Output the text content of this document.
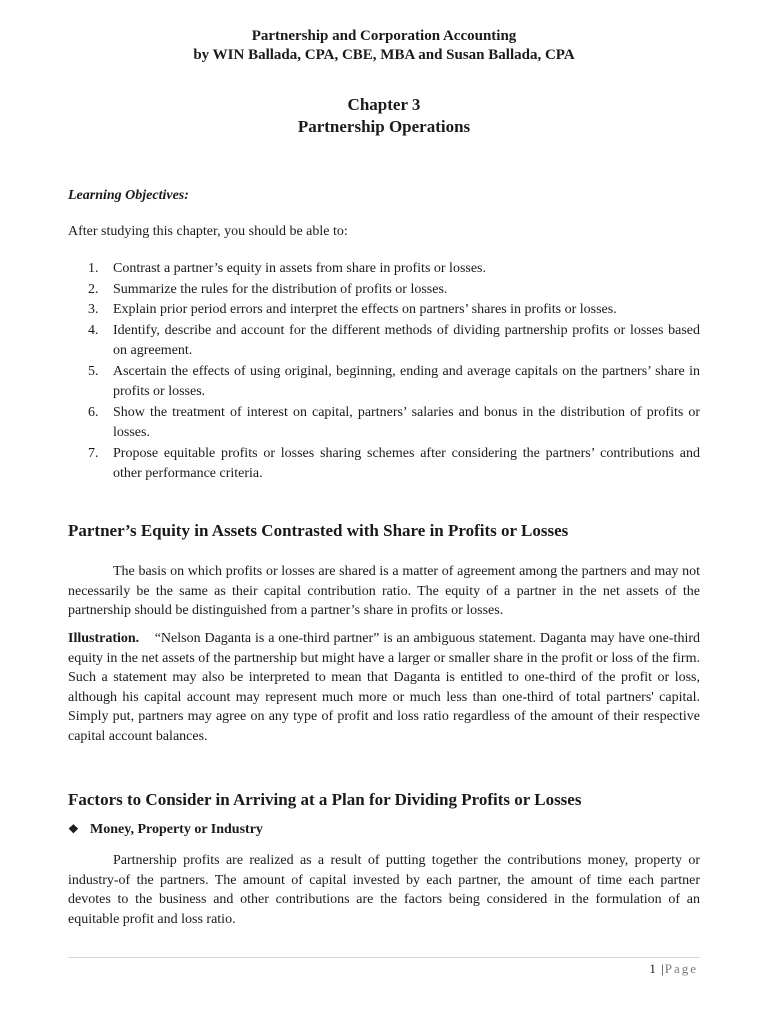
Partnership and Corporation Accounting
by WIN Ballada, CPA, CBE, MBA and Susan Ballada, CPA
Chapter 3
Partnership Operations
Learning Objectives:
After studying this chapter, you should be able to:
1. Contrast a partner’s equity in assets from share in profits or losses.
2. Summarize the rules for the distribution of profits or losses.
3. Explain prior period errors and interpret the effects on partners’ shares in profits or losses.
4. Identify, describe and account for the different methods of dividing partnership profits or losses based on agreement.
5. Ascertain the effects of using original, beginning, ending and average capitals on the partners’ share in profits or losses.
6. Show the treatment of interest on capital, partners’ salaries and bonus in the distribution of profits or losses.
7. Propose equitable profits or losses sharing schemes after considering the partners’ contributions and other performance criteria.
Partner’s Equity in Assets Contrasted with Share in Profits or Losses

The basis on which profits or losses are shared is a matter of agreement among the partners and may not necessarily be the same as their capital contribution ratio. The equity of a partner in the net assets of the partnership should be distinguished from a partner’s share in profits or losses.

Illustration. “Nelson Daganta is a one-third partner” is an ambiguous statement. Daganta may have one-third equity in the net assets of the partnership but might have a larger or smaller share in the profit or loss of the firm. Such a statement may also be interpreted to mean that Daganta is entitled to one-third of the profit or loss, although his capital account may represent much more or much less than one-third of total partners' capital. Simply put, partners may agree on any type of profit and loss ratio regardless of the amount of their respective capital account balances.

Factors to Consider in Arriving at a Plan for Dividing Profits or Losses
❖ Money, Property or Industry

Partnership profits are realized as a result of putting together the contributions money, property or industry-of the partners. The amount of capital invested by each partner, the amount of time each partner devotes to the business and other contributions are the factors being considered in the formulation of an equitable profit and loss ratio.

1 |Page
